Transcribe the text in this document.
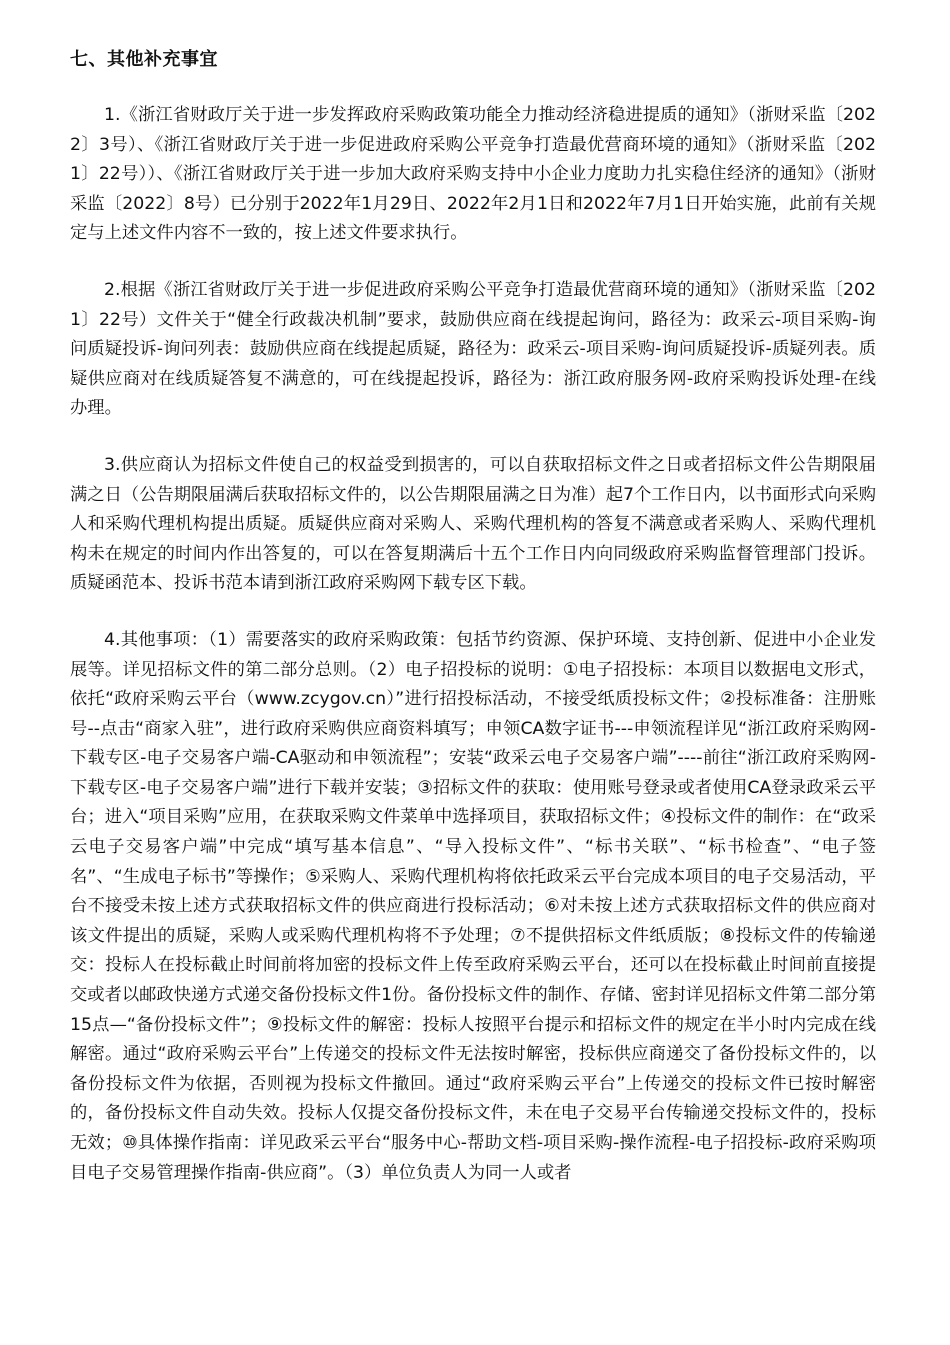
七、其他补充事宜

1.《浙江省财政厅关于进一步发挥政府采购政策功能全力推动经济稳进提质的通知》（浙财采监〔2022〕3号）、《浙江省财政厅关于进一步促进政府采购公平竞争打造最优营商环境的通知》（浙财采监〔2021〕22号））、《浙江省财政厅关于进一步加大政府采购支持中小企业力度助力扎实稳住经济的通知》（浙财采监〔2022〕8号）已分别于2022年1月29日、2022年2月1日和2022年7月1日开始实施，此前有关规定与上述文件内容不一致的，按上述文件要求执行。

2.根据《浙江省财政厅关于进一步促进政府采购公平竞争打造最优营商环境的通知》（浙财采监〔2021〕22号）文件关于“健全行政裁决机制”要求，鼓励供应商在线提起询问，路径为：政采云-项目采购-询问质疑投诉-询问列表：鼓励供应商在线提起质疑，路径为：政采云-项目采购-询问质疑投诉-质疑列表。质疑供应商对在线质疑答复不满意的，可在线提起投诉，路径为：浙江政府服务网-政府采购投诉处理-在线办理。

3.供应商认为招标文件使自己的权益受到损害的，可以自获取招标文件之日或者招标文件公告期限届满之日（公告期限届满后获取招标文件的，以公告期限届满之日为准）起7个工作日内，以书面形式向采购人和采购代理机构提出质疑。质疑供应商对采购人、采购代理机构的答复不满意或者采购人、采购代理机构未在规定的时间内作出答复的，可以在答复期满后十五个工作日内向同级政府采购监督管理部门投诉。质疑函范本、投诉书范本请到浙江政府采购网下载专区下载。

4.其他事项：（1）需要落实的政府采购政策：包括节约资源、保护环境、支持创新、促进中小企业发展等。详见招标文件的第二部分总则。（2）电子招投标的说明：①电子招投标：本项目以数据电文形式，依托“政府采购云平台（www.zcygov.cn）”进行招投标活动，不接受纸质投标文件；②投标准备：注册账号--点击“商家入驻”，进行政府采购供应商资料填写；申领CA数字证书---申领流程详见“浙江政府采购网-下载专区-电子交易客户端-CA驱动和申领流程”；安装“政采云电子交易客户端”----前往“浙江政府采购网-下载专区-电子交易客户端”进行下载并安装；③招标文件的获取：使用账号登录或者使用CA登录政采云平台；进入“项目采购”应用，在获取采购文件菜单中选择项目，获取招标文件；④投标文件的制作：在“政采云电子交易客户端”中完成“填写基本信息”、“导入投标文件”、“标书关联”、“标书检查”、“电子签名”、“生成电子标书”等操作；⑤采购人、采购代理机构将依托政采云平台完成本项目的电子交易活动，平台不接受未按上述方式获取招标文件的供应商进行投标活动；⑥对未按上述方式获取招标文件的供应商对该文件提出的质疑，采购人或采购代理机构将不予处理；⑦不提供招标文件纸质版；⑧投标文件的传输递交：投标人在投标截止时间前将加密的投标文件上传至政府采购云平台，还可以在投标截止时间前直接提交或者以邮政快递方式递交备份投标文件1份。备份投标文件的制作、存储、密封详见招标文件第二部分第15点—“备份投标文件”；⑨投标文件的解密：投标人按照平台提示和招标文件的规定在半小时内完成在线解密。通过“政府采购云平台”上传递交的投标文件无法按时解密，投标供应商递交了备份投标文件的，以备份投标文件为依据，否则视为投标文件撤回。通过“政府采购云平台”上传递交的投标文件已按时解密的，备份投标文件自动失效。投标人仅提交备份投标文件，未在电子交易平台传输递交投标文件的，投标无效；⑩具体操作指南：详见政采云平台“服务中心-帮助文档-项目采购-操作流程-电子招投标-政府采购项目电子交易管理操作指南-供应商”。（3）单位负责人为同一人或者
